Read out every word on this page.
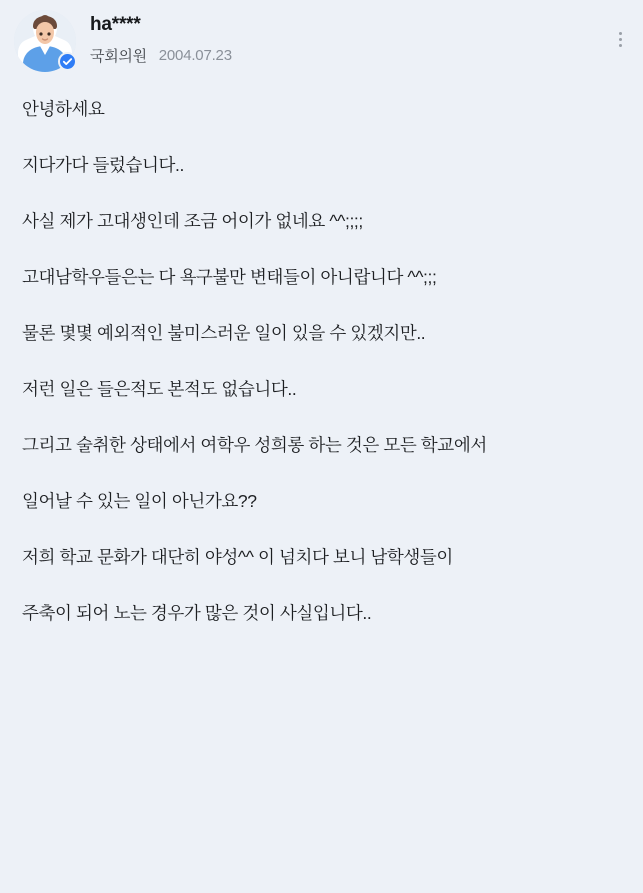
ha****
국회의원 2004.07.23

안녕하세요

지다가다 들렀습니다..

사실 제가 고대생인데 조금 어이가 없네요 ^^;;;;

고대남학우들은는 다 욕구불만 변태들이 아니랍니다 ^^;;;

물론 몇몇 예외적인 불미스러운 일이 있을 수 있겠지만..

저런 일은 들은적도 본적도 없습니다..

그리고 술취한 상태에서 여학우 성희롱 하는 것은 모든 학교에서

일어날 수 있는 일이 아닌가요??

저희 학교 문화가 대단히 야성^^ 이 넘치다 보니 남학생들이

주축이 되어 노는 경우가 많은 것이 사실입니다..
